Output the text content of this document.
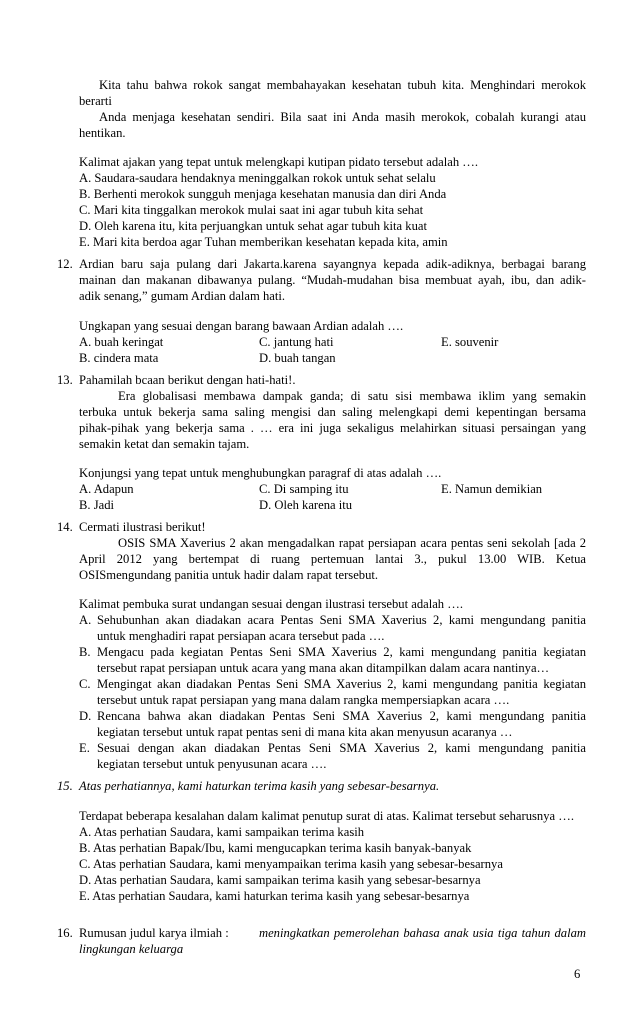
Kita tahu bahwa rokok sangat membahayakan kesehatan tubuh kita. Menghindari merokok
berarti
Anda menjaga kesehatan sendiri. Bila saat ini Anda masih merokok, cobalah kurangi atau
hentikan.
Kalimat ajakan yang tepat untuk melengkapi kutipan pidato tersebut adalah ….
A. Saudara-saudara hendaknya meninggalkan rokok untuk sehat selalu
B. Berhenti merokok sungguh menjaga kesehatan manusia dan diri Anda
C. Mari kita tinggalkan merokok mulai saat ini agar tubuh kita sehat
D. Oleh karena itu, kita perjuangkan untuk sehat agar tubuh kita kuat
E. Mari kita berdoa agar Tuhan memberikan kesehatan kepada kita, amin
12. Ardian baru saja pulang dari Jakarta.karena sayangnya kepada adik-adiknya, berbagai barang
mainan dan makanan dibawanya pulang. “Mudah-mudahan bisa membuat ayah, ibu, dan adik-
adik senang,” gumam Ardian dalam hati.
Ungkapan yang sesuai dengan barang bawaan Ardian adalah ….
A. buah keringat	C. jantung hati	E. souvenir
B. cindera mata	D. buah tangan
13. Pahamilah bcaan berikut dengan hati-hati!.
Era globalisasi membawa dampak ganda; di satu sisi membawa iklim yang semakin
terbuka untuk bekerja sama saling mengisi dan saling melengkapi demi kepentingan bersama
pihak-pihak yang bekerja sama . … era ini juga sekaligus melahirkan situasi persaingan yang
semakin ketat dan semakin tajam.
Konjungsi yang tepat untuk menghubungkan paragraf di atas adalah ….
A. Adapun	C. Di samping itu	E. Namun demikian
B. Jadi	D. Oleh karena itu
14. Cermati ilustrasi berikut!
OSIS SMA Xaverius 2 akan mengadalkan rapat persiapan acara pentas seni sekolah [ada 2
April 2012 yang bertempat di ruang pertemuan lantai 3., pukul 13.00 WIB. Ketua
OSISmengundang panitia untuk hadir dalam rapat tersebut.
Kalimat pembuka surat undangan sesuai dengan ilustrasi tersebut adalah ….
A. Sehubunhan akan diadakan acara Pentas Seni SMA Xaverius 2, kami mengundang panitia
untuk menghadiri rapat persiapan acara tersebut pada ….
B. Mengacu pada kegiatan Pentas Seni SMA Xaverius 2, kami mengundang panitia kegiatan
tersebut rapat persiapan untuk acara yang mana akan ditampilkan dalam acara nantinya…
C. Mengingat akan diadakan Pentas Seni SMA Xaverius 2, kami mengundang panitia kegiatan
tersebut untuk rapat persiapan yang mana dalam rangka mempersiapkan acara ….
D. Rencana bahwa akan diadakan Pentas Seni SMA Xaverius 2, kami mengundang panitia
kegiatan tersebut untuk rapat pentas seni di mana kita akan menyusun acaranya …
E. Sesuai dengan akan diadakan Pentas Seni SMA Xaverius 2, kami mengundang panitia
kegiatan tersebut untuk penyusunan acara ….
15. Atas perhatiannya, kami haturkan terima kasih yang sebesar-besarnya.
Terdapat beberapa kesalahan dalam kalimat penutup surat di atas. Kalimat tersebut seharusnya ….
A. Atas perhatian Saudara, kami sampaikan terima kasih
B. Atas perhatian Bapak/Ibu, kami mengucapkan terima kasih banyak-banyak
C. Atas perhatian Saudara, kami menyampaikan terima kasih yang sebesar-besarnya
D. Atas perhatian Saudara, kami sampaikan terima kasih yang sebesar-besarnya
E. Atas perhatian Saudara, kami haturkan terima kasih yang sebesar-besarnya
16. Rumusan judul karya ilmiah : meningkatkan pemerolehan bahasa anak usia tiga tahun dalam
lingkungan keluarga
6
